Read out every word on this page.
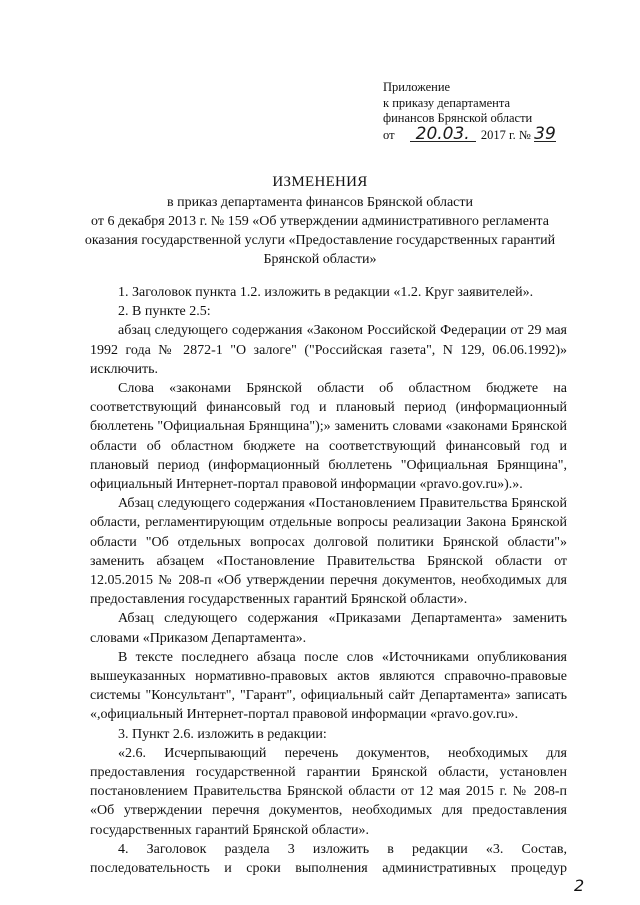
Приложение
к приказу департамента
финансов Брянской области
от 20.03. 2017 г. № 39
ИЗМЕНЕНИЯ
в приказ департамента финансов Брянской области
от 6 декабря 2013 г. № 159 «Об утверждении административного регламента
оказания государственной услуги «Предоставление государственных гарантий
Брянской области»

1. Заголовок пункта 1.2. изложить в редакции «1.2. Круг заявителей».

2. В пункте 2.5:

абзац следующего содержания «Законом Российской Федерации от 29 мая 1992 года № 2872-1 "О залоге" ("Российская газета", N 129, 06.06.1992)» исключить.

Слова «законами Брянской области об областном бюджете на соответствующий финансовый год и плановый период (информационный бюллетень "Официальная Брянщина");» заменить словами «законами Брянской области об областном бюджете на соответствующий финансовый год и плановый период (информационный бюллетень "Официальная Брянщина", официальный Интернет-портал правовой информации «pravo.gov.ru»).».

Абзац следующего содержания «Постановлением Правительства Брянской области, регламентирующим отдельные вопросы реализации Закона Брянской области "Об отдельных вопросах долговой политики Брянской области"» заменить абзацем «Постановление Правительства Брянской области от 12.05.2015 № 208-п «Об утверждении перечня документов, необходимых для предоставления государственных гарантий Брянской области».

Абзац следующего содержания «Приказами Департамента» заменить словами «Приказом Департамента».

В тексте последнего абзаца после слов «Источниками опубликования вышеуказанных нормативно-правовых актов являются справочно-правовые системы "Консультант", "Гарант", официальный сайт Департамента» записать «,официальный Интернет-портал правовой информации «pravo.gov.ru».

3. Пункт 2.6. изложить в редакции:

«2.6. Исчерпывающий перечень документов, необходимых для предоставления государственной гарантии Брянской области, установлен постановлением Правительства Брянской области от 12 мая 2015 г. № 208-п «Об утверждении перечня документов, необходимых для предоставления государственных гарантий Брянской области».

4. Заголовок раздела 3 изложить в редакции «3. Состав, последовательность и сроки выполнения административных процедур

2
